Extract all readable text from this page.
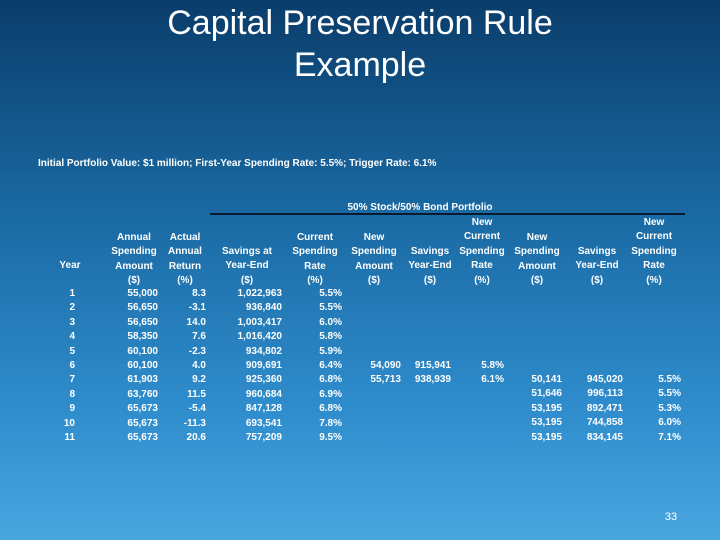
Capital Preservation Rule
Example
Initial Portfolio Value: $1 million; First-Year Spending Rate: 5.5%; Trigger Rate: 6.1%
50% Stock/50% Bond Portfolio
Year
Annual
Spending
Amount
($)
Actual
Annual
Return
(%)
Savings at
Year-End
($)
Current
Spending
Rate
(%)
New
Spending
Amount
($)
Savings
Year-End
($)
New
Current
Spending
Rate
(%)
New
Spending
Amount
($)
Savings
Year-End
($)
New
Current
Spending
Rate
(%)
1
2
3
4
5
6
7
8
9
10
11
55,000
56,650
56,650
58,350
60,100
60,100
61,903
63,760
65,673
65,673
65,673
8.3
-3.1
14.0
7.6
-2.3
4.0
9.2
11.5
-5.4
-11.3
20.6
1,022,963
936,840
1,003,417
1,016,420
934,802
909,691
925,360
960,684
847,128
693,541
757,209
5.5%
5.5%
6.0%
5.8%
5.9%
6.4%
6.8%
6.9%
6.8%
7.8%
9.5%
54,090
55,713
915,941
938,939
5.8%
6.1%	50,141
51,646
53,195
53,195
53,195
945,020
996,113
892,471
744,858
834,145
5.5%
5.5%
5.3%
6.0%
7.1%
33
